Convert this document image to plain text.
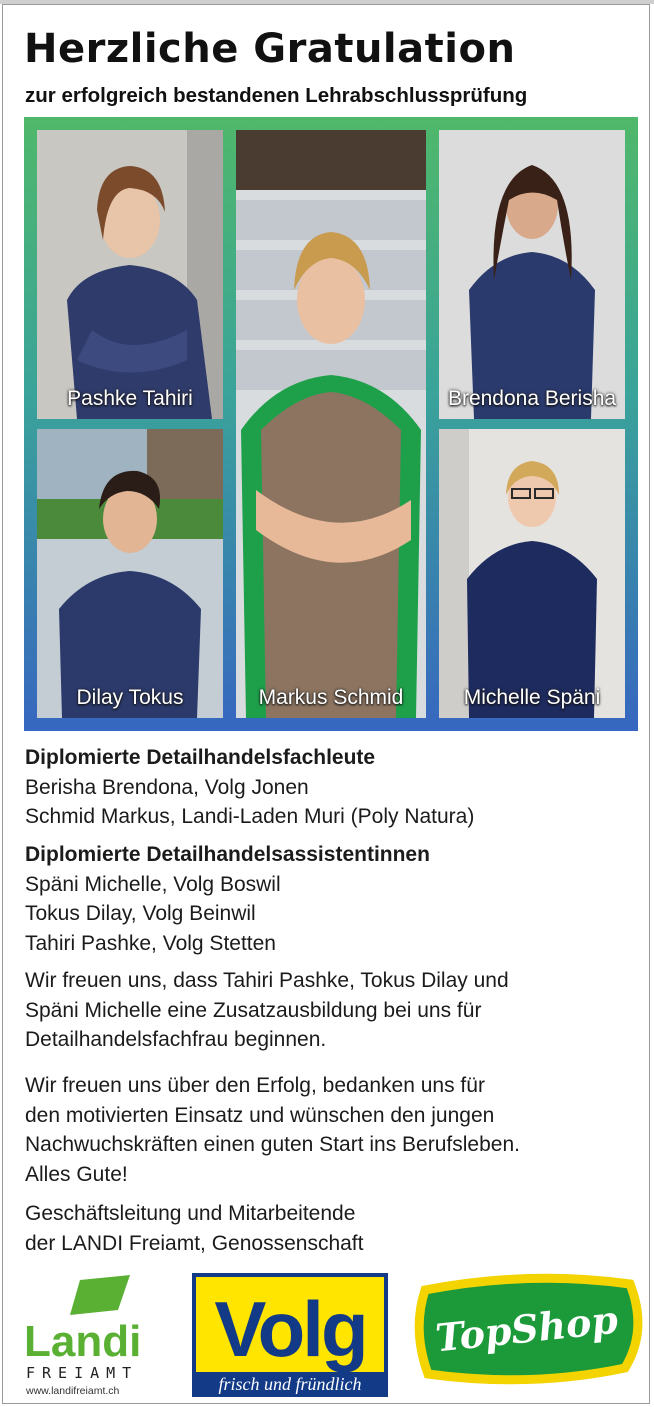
Herzliche Gratulation

zur erfolgreich bestandenen Lehrabschlussprüfung

Pashke Tahiri
Markus Schmid
Brendona Berisha
Dilay Tokus	Michelle Späni
Diplomierte Detailhandelsfachleute
Berisha Brendona, Volg Jonen
Schmid Markus, Landi-Laden Muri (Poly Natura)
Diplomierte Detailhandelsassistentinnen
Späni Michelle, Volg Boswil
Tokus Dilay, Volg Beinwil
Tahiri Pashke, Volg Stetten
Wir freuen uns, dass Tahiri Pashke, Tokus Dilay und
Späni Michelle eine Zusatzausbildung bei uns für
Detailhandelsfachfrau beginnen.
Wir freuen uns über den Erfolg, bedanken uns für
den motivierten Einsatz und wünschen den jungen
Nachwuchskräften einen guten Start ins Berufsleben.
Alles Gute!
Geschäftsleitung und Mitarbeitende
der LANDI Freiamt, Genossenschaft
Landi
FREIAMT
www.landifreiamt.ch
Volg
frisch und fründlich
TopShop
